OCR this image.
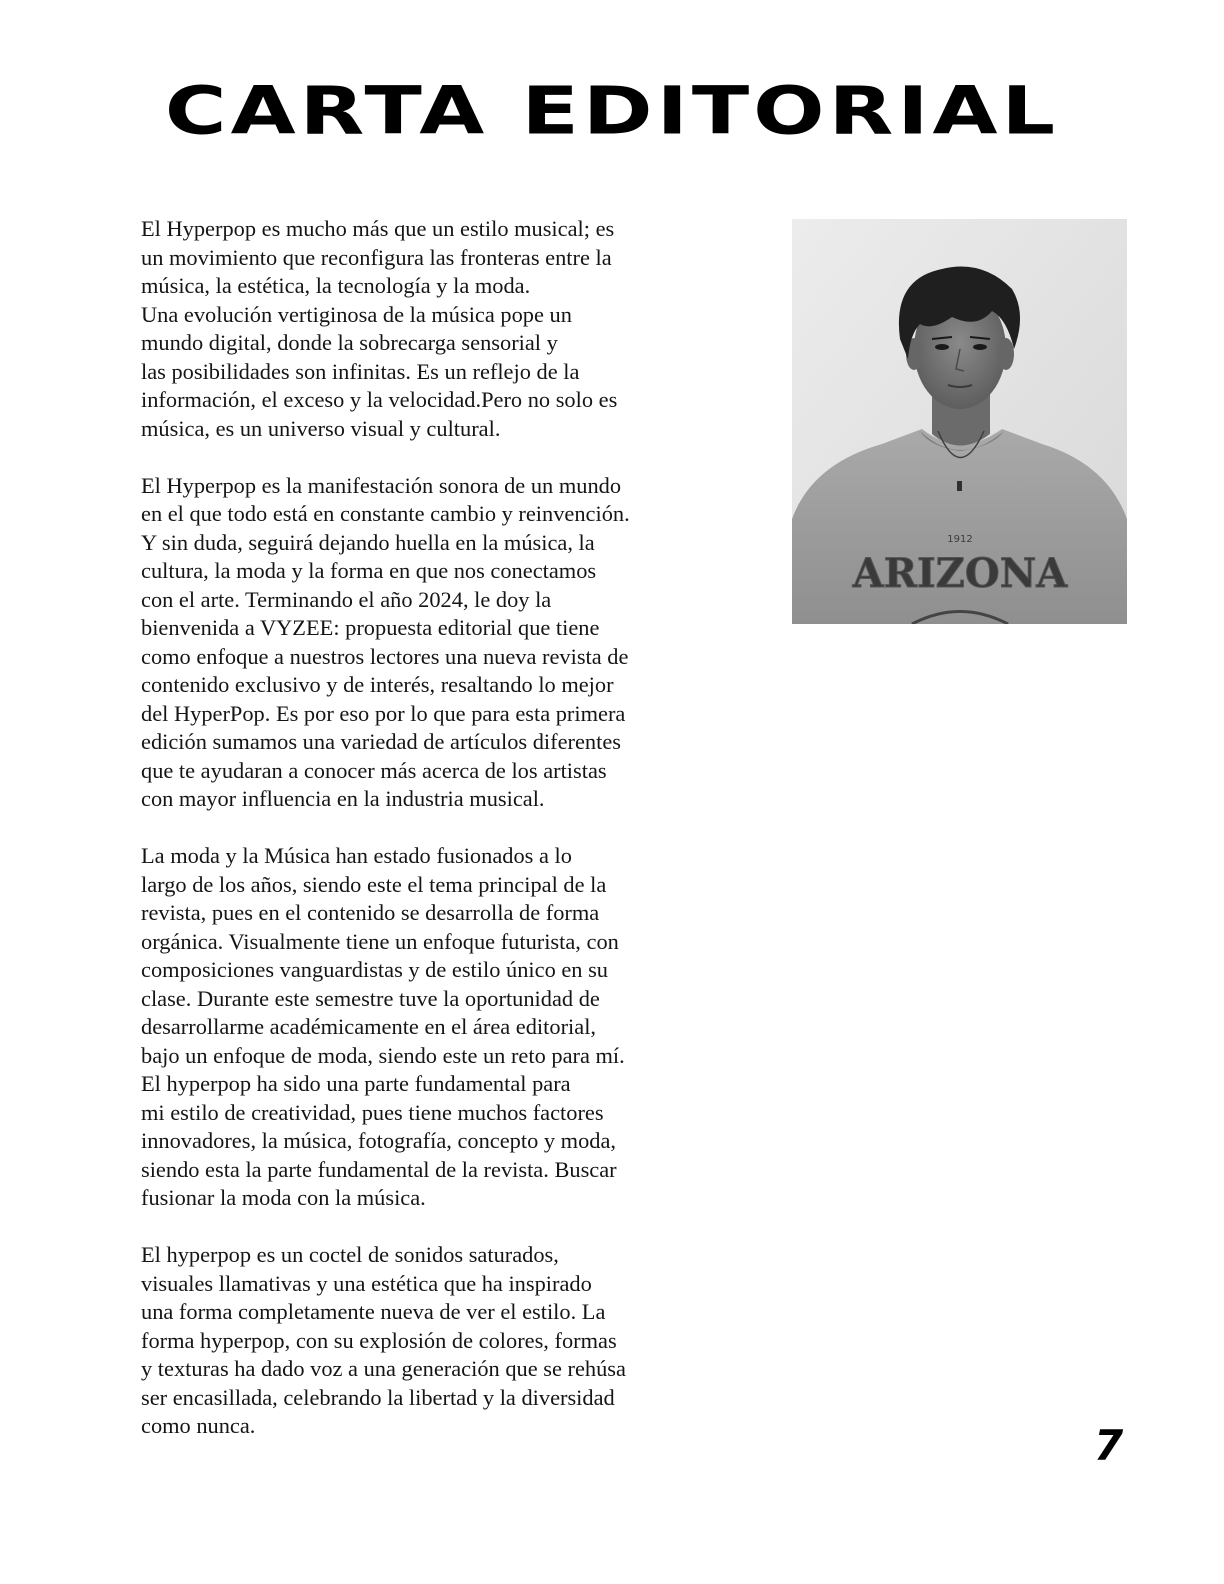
CARTA EDITORIAL

El Hyperpop es mucho más que un estilo musical; es
un movimiento que reconfigura las fronteras entre la
música, la estética, la tecnología y la moda.
Una evolución vertiginosa de la música pope un
mundo digital, donde la sobrecarga sensorial y
las posibilidades son infinitas. Es un reflejo de la
información, el exceso y la velocidad.Pero no solo es
música, es un universo visual y cultural.

El Hyperpop es la manifestación sonora de un mundo
en el que todo está en constante cambio y reinvención.
Y sin duda, seguirá dejando huella en la música, la
cultura, la moda y la forma en que nos conectamos
con el arte. Terminando el año 2024, le doy la
bienvenida a VYZEE: propuesta editorial que tiene
como enfoque a nuestros lectores una nueva revista de
contenido exclusivo y de interés, resaltando lo mejor
del HyperPop. Es por eso por lo que para esta primera
edición sumamos una variedad de artículos diferentes
que te ayudaran a conocer más acerca de los artistas
con mayor influencia en la industria musical.

La moda y la Música han estado fusionados a lo
largo de los años, siendo este el tema principal de la
revista, pues en el contenido se desarrolla de forma
orgánica. Visualmente tiene un enfoque futurista, con
composiciones vanguardistas y de estilo único en su
clase. Durante este semestre tuve la oportunidad de
desarrollarme académicamente en el área editorial,
bajo un enfoque de moda, siendo este un reto para mí.
El hyperpop ha sido una parte fundamental para
mi estilo de creatividad, pues tiene muchos factores
innovadores, la música, fotografía, concepto y moda,
siendo esta la parte fundamental de la revista. Buscar
fusionar la moda con la música.

El hyperpop es un coctel de sonidos saturados,
visuales llamativas y una estética que ha inspirado
una forma completamente nueva de ver el estilo. La
forma hyperpop, con su explosión de colores, formas
y texturas ha dado voz a una generación que se rehúsa
ser encasillada, celebrando la libertad y la diversidad
como nunca.

1912
ARIZONA
7
